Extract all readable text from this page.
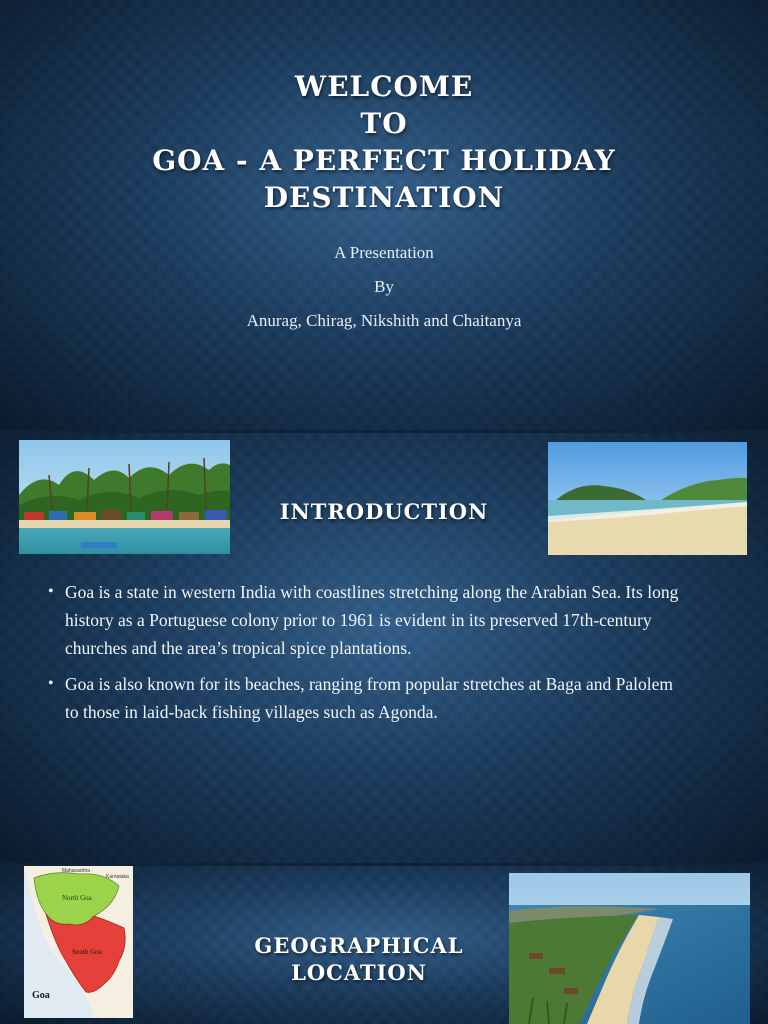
WELCOME
TO
GOA - A PERFECT HOLIDAY
DESTINATION
A Presentation
By
Anurag, Chirag, Nikshith and Chaitanya
INTRODUCTION
• Goa is a state in western India with coastlines stretching along the Arabian Sea. Its long history as a Portuguese colony prior to 1961 is evident in its preserved 17th-century churches and the area’s tropical spice plantations.
• Goa is also known for its beaches, ranging from popular stretches at Baga and Palolem to those in laid-back fishing villages such as Agonda.
Maharashtra
Karnataka
North Goa
South Goa
Goa
GEOGRAPHICAL
LOCATION
